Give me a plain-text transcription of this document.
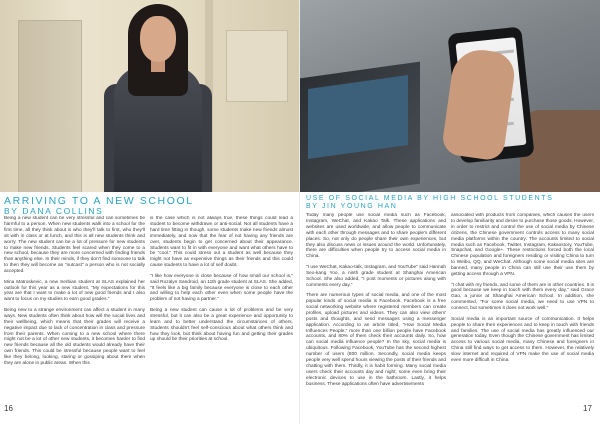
ARRIVING TO A NEW SCHOOL
BY DANA COLLINS

Being a new student can be very stressful and can sometimes be harmful to a person. When new students walk into a school for the first time, all they think about is who they'll talk to first, who they'll sit with in class or at lunch, and this is all new students think and worry. The new student can be a lot of pressure for new students to make new friends. Students feel scared when they come to a new school, because they are more concerned with finding friends than anything else. In their minds, if they don't find someone to talk to then they will become an "outcast" a person who is not socially accepted.

Mina Matroskevic, a new Serbian student at SLAS explained her outlook for this year as a new student, "My expectations for this year are that I want to make a lot of new good friends and I also want to focus on my studies to earn good grades."

Being new to a strange environment can affect a student in many ways. New students often think about how will the social lives and their wellbeing, which means that their grades will receive a negative impact due to lack of concentration in class and pressure from their parents. When coming to a new school where there might not be a lot of other new students, it becomes harder to find new friends because all the old students would already have their own friends. This could be stressful because people want to feel like they belong, looking, staring or gossiping about them when they are alone in public areas. When this

is the case which is not always true, these things could lead a student to become withdrawn or anti-social. Not all students have a hard time fitting in though, some students make new friends almost immediately, and now that the fear of not having any friends are over, students begin to get concerned about their appearance. Students want to fit in with everyone and want what others have to be "cool." This could stress out a student as well because they might not have as expensive things as their friends and this could cause students to have a lot of self doubt.

"I like how everyone is close because of how small our school is," said Rozalyn Sandroid, an 11th grade student at SLAS. She added, "It feels like a big family because everyone is close to each other and willing to help each other even when some people have the problem of not having a partner."

Being a new student can cause a lot of problems and be very stressful, but it can also be a great experience and opportunity to learn and to better understand the circumstances of others. Students shouldn't feel self-conscious about what others think and how they look, but think about having fun and getting their grades up should be their priorities at school.

16
USE OF SOCIAL MEDIA BY HIGH SCHOOL STUDENTS
BY JIN YOUNG HAN

Today many people use social media such as Facebook, Instagram, WeChat, and Kakao Talk. These applications and websites are used worldwide, and allow people to communicate with each other through messages and to share people's different places. So, not only do people share their own experiences, but they also discuss news or issues around the world. Unfortunately, there are difficulties when people try to access social media in China.

"I use WeChat, Kakao-talk, Instagram, and YouTube" said Hannah Seo-kang Yoo, a ninth grade student at Shanghai American School. She also added, "I post moments or pictures along with comments every day."

There are numerous types of social media, and one of the most popular kinds of social media is Facebook. Facebook is a free social networking website where registered members can create profiles, upload pictures and videos. They can also view others' posts and thoughts, and send messages using a messenger application. According to an article titled, "How Social Media Influences People," more than one billion people have Facebook accounts, and 80% of them check their accounts daily. So, how can social media influence people? In the sky, social media is ubiquitous. Following Facebook, YouTube has the second highest number of users (800 million. Secondly, social media keeps people very well spend hours viewing the posts of their friends and chatting with them. Thirdly, it is habit forming. Many social media users check their accounts day and night; some even bring their electronic devices to use in the bathroom. Lastly, it helps business. These applications often have advertisements

associated with products from companies, which causes the users to develop familiarity and desire to purchase those goods. However, in order to restrict and control the use of social media by Chinese citizens, the Chinese government controls access to many social media platforms within the country. The accounts limited to social media such as Facebook, Twitter, Instagram, Kakaostory, YouTube, Snapchat, and Google+. These restrictions forced both the local Chinese population and foreigners residing or visiting China to turn to Weibo, QQ, and WeChat. Although some social media sites are banned, many people in China can still use their use them by getting access through a VPN.

"I chat with my friends, and some of them are in other countries. It is good because we keep in touch with them every day," said Grace Gao, a junior at Shanghai American School. In addition, she commented, "For some social media, we need to use VPN to connect, but sometimes it does not work well."

Social media is an important source of communication. It helps people to share their experiences and to keep in touch with friends and families. The use of social media has greatly influenced our generation today. Even though the Chinese government has limited access to various social media, many Chinese and foreigners in China still find ways to get access to them. However, the relatively slow internet and required of VPN make the use of social media even more difficult in China.

17
